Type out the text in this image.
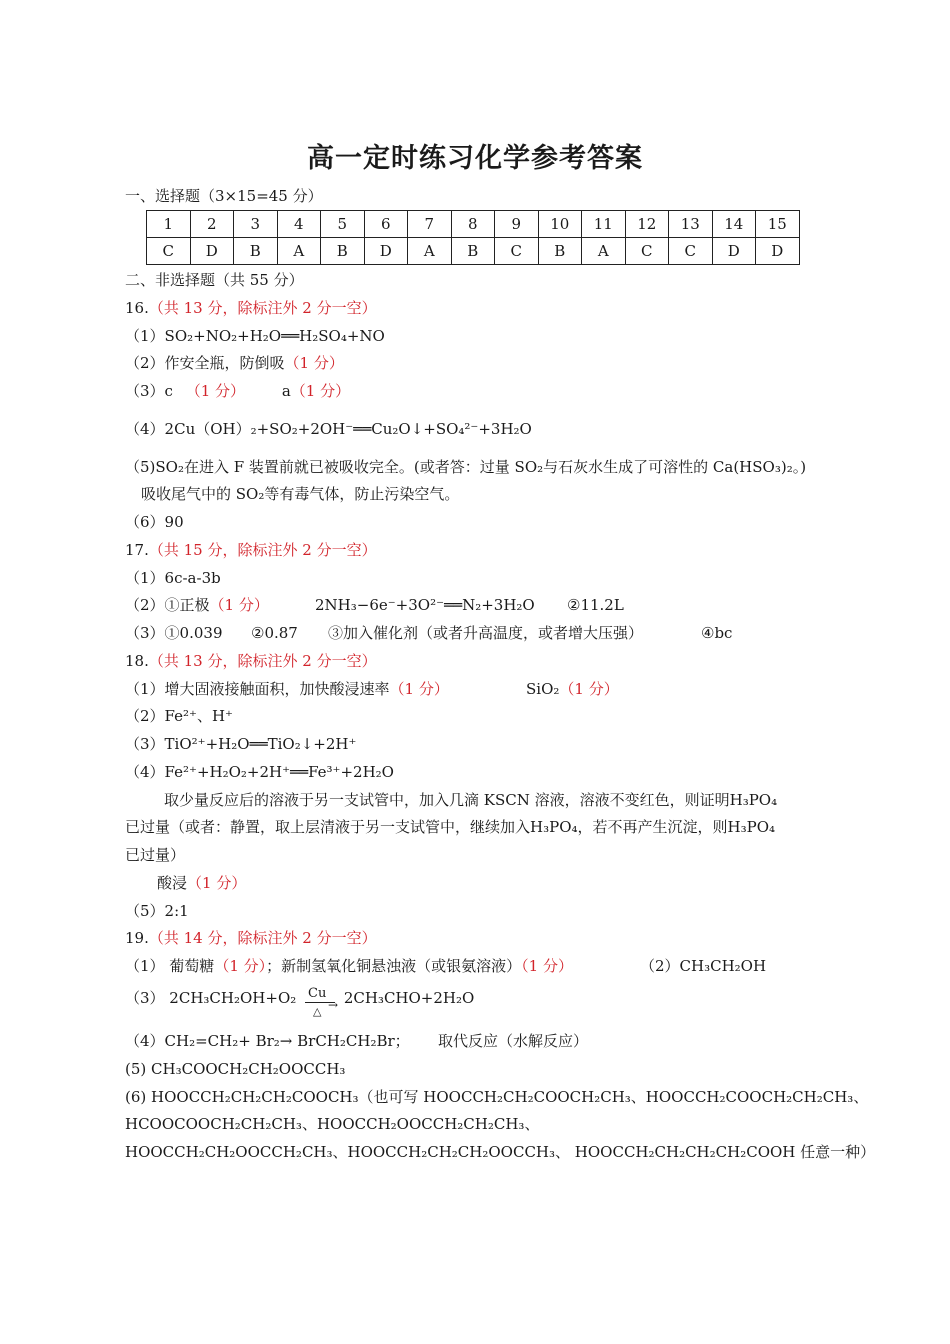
高一定时练习化学参考答案
一、选择题（3×15=45 分）
1	2	3	4	5	6	7	8	9	10	11	12	13	14	15
C	D	B	A	B	D	A	B	C	B	A	C	C	D	D
二、非选择题（共 55 分）
16.（共 13 分，除标注外 2 分一空）
（1）SO₂+NO₂+H₂O══H₂SO₄+NO
（2）作安全瓶，防倒吸（1 分）
（3）c （1 分） a（1 分）
（4）2Cu（OH）₂+SO₂+2OH⁻══Cu₂O↓+SO₄²⁻+3H₂O
（5)SO₂在进入 F 装置前就已被吸收完全。(或者答：过量 SO₂与石灰水生成了可溶性的 Ca(HSO₃)₂。)
吸收尾气中的 SO₂等有毒气体，防止污染空气。
（6）90
17.（共 15 分，除标注外 2 分一空）
（1）6c-a-3b
（2）①正极（1 分）	2NH₃−6e⁻+3O²⁻══N₂+3H₂O ②11.2L
（3）①0.039 ②0.87 ③加入催化剂（或者升高温度，或者增大压强）	④bc
18.（共 13 分，除标注外 2 分一空）
（1）增大固液接触面积，加快酸浸速率（1 分）	SiO₂（1 分）
（2）Fe²⁺、H⁺
（3）TiO²⁺+H₂O══TiO₂↓+2H⁺
（4）Fe²⁺+H₂O₂+2H⁺══Fe³⁺+2H₂O
取少量反应后的溶液于另一支试管中，加入几滴 KSCN 溶液，溶液不变红色，则证明H₃PO₄
已过量（或者：静置，取上层清液于另一支试管中，继续加入H₃PO₄，若不再产生沉淀，则H₃PO₄
已过量）
酸浸（1 分）
（5）2:1
19.（共 14 分，除标注外 2 分一空）
（1） 葡萄糖（1 分）；新制氢氧化铜悬浊液（或银氨溶液）（1 分）	（2）CH₃CH₂OH
（3） 2CH₃CH₂OH+O₂ Cu
→
△
2CH₃CHO+2H₂O
（4）CH₂=CH₂+ Br₂→ BrCH₂CH₂Br； 取代反应（水解反应）
(5) CH₃COOCH₂CH₂OOCCH₃
(6) HOOCCH₂CH₂CH₂COOCH₃（也可写 HOOCCH₂CH₂COOCH₂CH₃、HOOCCH₂COOCH₂CH₂CH₃、
HCOOCOOCH₂CH₂CH₃、HOOCCH₂OOCCH₂CH₂CH₃、
HOOCCH₂CH₂OOCCH₂CH₃、HOOCCH₂CH₂CH₂OOCCH₃、 HOOCCH₂CH₂CH₂CH₂COOH 任意一种）
